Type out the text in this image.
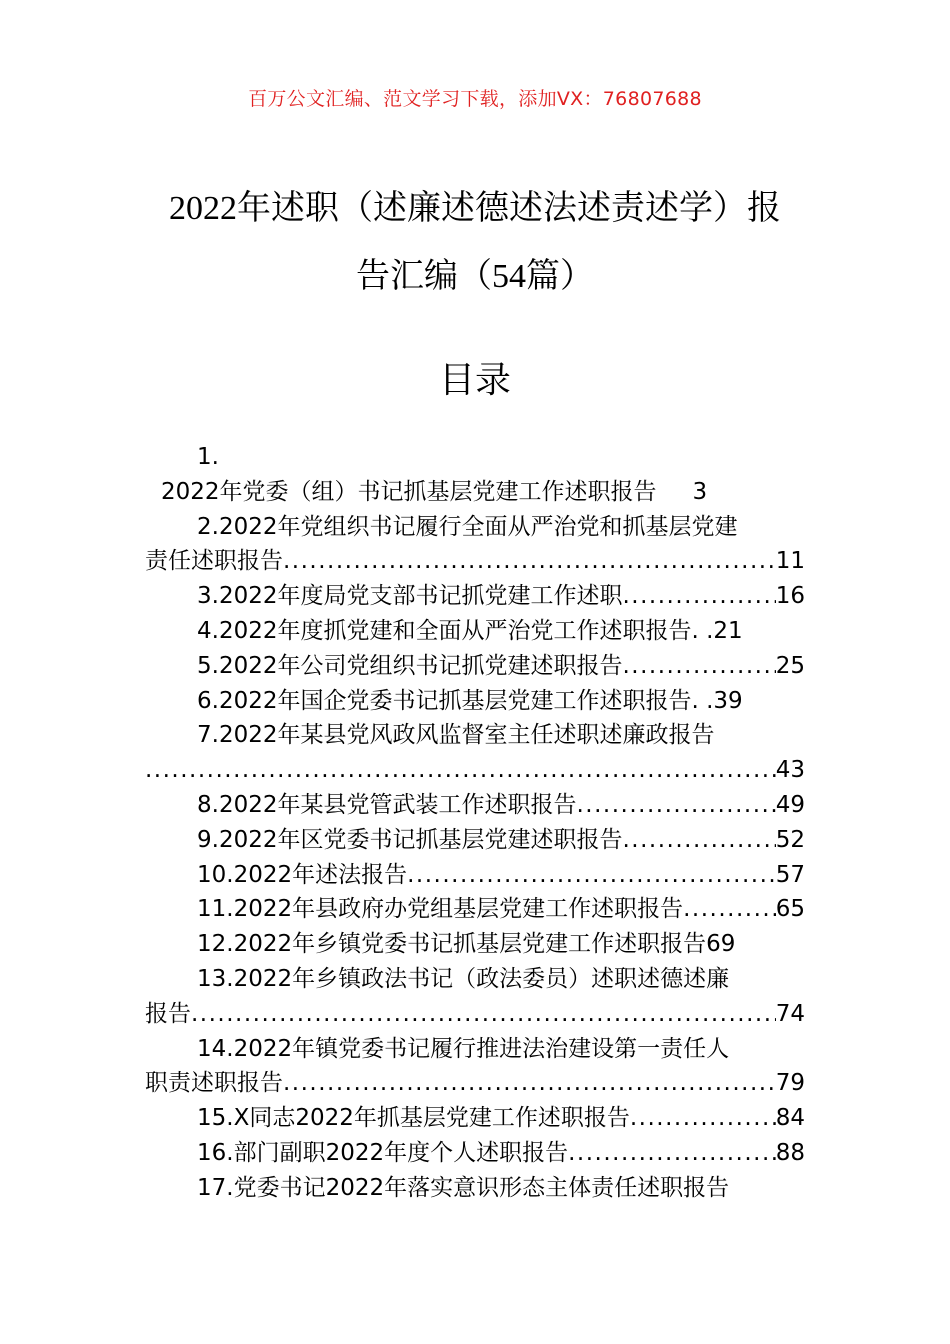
百万公文汇编、范文学习下载，添加VX：76807688
2022年述职（述廉述德述法述责述学）报
告汇编（54篇）
目录
1.
2022年党委（组）书记抓基层党建工作述职报告 3
2.2022年党组织书记履行全面从严治党和抓基层党建
责任述职报告 .....	11
3.2022年度局党支部书记抓党建工作述职 .....	16
4.2022年度抓党建和全面从严治党工作述职报告. . 21
5.2022年公司党组织书记抓党建述职报告 .....	25
6.2022年国企党委书记抓基层党建工作述职报告. . 39
7.2022年某县党风政风监督室主任述职述廉政报告
.....
43
8.2022年某县党管武装工作述职报告 .....	49
9.2022年区党委书记抓基层党建述职报告 .....	52
10.2022年述法报告 .....	57
11.2022年县政府办党组基层党建工作述职报告 .....	65
12.2022年乡镇党委书记抓基层党建工作述职报告 69
13.2022年乡镇政法书记（政法委员）述职述德述廉
报告 .....	74
14.2022年镇党委书记履行推进法治建设第一责任人
职责述职报告 .....	79
15.X同志2022年抓基层党建工作述职报告 .....	84
16.部门副职2022年度个人述职报告 .....	88
17.党委书记2022年落实意识形态主体责任述职报告
